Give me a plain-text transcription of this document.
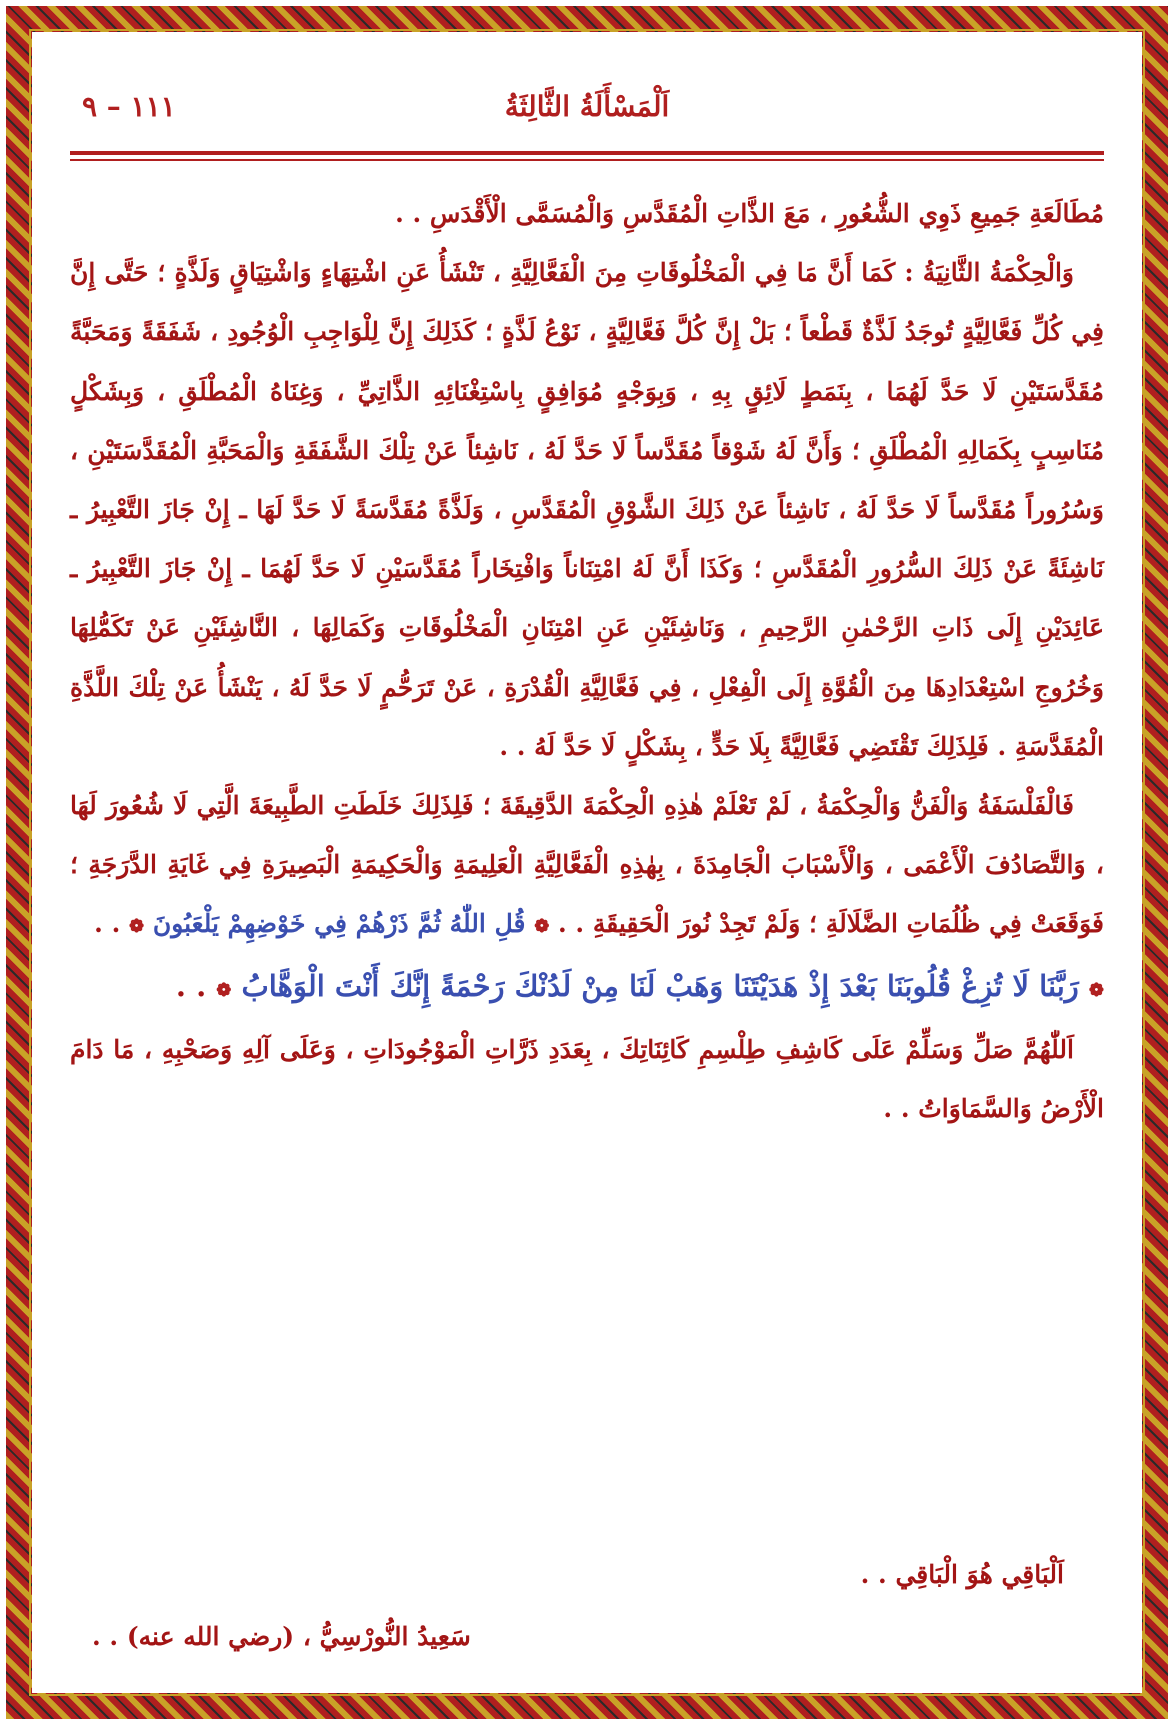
اَلْمَسْأَلَةُ الثَّالِثَةُ
١١١ – ٩

مُطَالَعَةِ جَمِيعِ ذَوِي الشُّعُورِ ، مَعَ الذَّاتِ الْمُقَدَّسِ وَالْمُسَمَّى الْأَقْدَسِ . .

وَالْحِكْمَةُ الثَّانِيَةُ : كَمَا أَنَّ مَا فِي الْمَخْلُوقَاتِ مِنَ الْفَعَّالِيَّةِ ، تَنْشَأُ عَنِ اشْتِهَاءٍ وَاشْتِيَاقٍ وَلَذَّةٍ ؛ حَتَّى إِنَّ فِي كُلِّ فَعَّالِيَّةٍ تُوجَدُ لَذَّةٌ قَطْعاً ؛ بَلْ إِنَّ كُلَّ فَعَّالِيَّةٍ ، نَوْعُ لَذَّةٍ ؛ كَذَلِكَ إِنَّ لِلْوَاجِبِ الْوُجُودِ ، شَفَقَةً وَمَحَبَّةً مُقَدَّسَتَيْنِ لَا حَدَّ لَهُمَا ، بِنَمَطٍ لَائِقٍ بِهِ ، وَبِوَجْهٍ مُوَافِقٍ بِاسْتِغْنَائِهِ الذَّاتِيِّ ، وَغِنَاهُ الْمُطْلَقِ ، وَبِشَكْلٍ مُنَاسِبٍ بِكَمَالِهِ الْمُطْلَقِ ؛ وَأَنَّ لَهُ شَوْقاً مُقَدَّساً لَا حَدَّ لَهُ ، نَاشِئاً عَنْ تِلْكَ الشَّفَقَةِ وَالْمَحَبَّةِ الْمُقَدَّسَتَيْنِ ، وَسُرُوراً مُقَدَّساً لَا حَدَّ لَهُ ، نَاشِئاً عَنْ ذَلِكَ الشَّوْقِ الْمُقَدَّسِ ، وَلَذَّةً مُقَدَّسَةً لَا حَدَّ لَهَا ـ إِنْ جَازَ التَّعْبِيرُ ـ نَاشِئَةً عَنْ ذَلِكَ السُّرُورِ الْمُقَدَّسِ ؛ وَكَذَا أَنَّ لَهُ امْتِنَاناً وَافْتِخَاراً مُقَدَّسَيْنِ لَا حَدَّ لَهُمَا ـ إِنْ جَازَ التَّعْبِيرُ ـ عَائِدَيْنِ إِلَى ذَاتِ الرَّحْمٰنِ الرَّحِيمِ ، وَنَاشِئَيْنِ عَنِ امْتِنَانِ الْمَخْلُوقَاتِ وَكَمَالِهَا ، النَّاشِئَيْنِ عَنْ تَكَمُّلِهَا وَخُرُوجِ اسْتِعْدَادِهَا مِنَ الْقُوَّةِ إِلَى الْفِعْلِ ، فِي فَعَّالِيَّةِ الْقُدْرَةِ ، عَنْ تَرَحُّمٍ لَا حَدَّ لَهُ ، يَنْشَأُ عَنْ تِلْكَ اللَّذَّةِ الْمُقَدَّسَةِ . فَلِذَلِكَ تَقْتَضِي فَعَّالِيَّةً بِلَا حَدٍّ ، بِشَكْلٍ لَا حَدَّ لَهُ . .

فَالْفَلْسَفَةُ وَالْفَنُّ وَالْحِكْمَةُ ، لَمْ تَعْلَمْ هٰذِهِ الْحِكْمَةَ الدَّقِيقَةَ ؛ فَلِذَلِكَ خَلَطَتِ الطَّبِيعَةَ الَّتِي لَا شُعُورَ لَهَا ، وَالتَّصَادُفَ الْأَعْمَى ، وَالْأَسْبَابَ الْجَامِدَةَ ، بِهٰذِهِ الْفَعَّالِيَّةِ الْعَلِيمَةِ وَالْحَكِيمَةِ الْبَصِيرَةِ فِي غَايَةِ الدَّرَجَةِ ؛ فَوَقَعَتْ فِي ظُلُمَاتِ الضَّلَالَةِ ؛ وَلَمْ تَجِدْ نُورَ الْحَقِيقَةِ . . ❁ قُلِ اللّٰهُ ثُمَّ ذَرْهُمْ فِي خَوْضِهِمْ يَلْعَبُونَ ❁ . .

❁ رَبَّنَا لَا تُزِغْ قُلُوبَنَا بَعْدَ إِذْ هَدَيْتَنَا وَهَبْ لَنَا مِنْ لَدُنْكَ رَحْمَةً إِنَّكَ أَنْتَ الْوَهَّابُ ❁ . .

اَللّٰهُمَّ صَلِّ وَسَلِّمْ عَلَى كَاشِفِ طِلْسِمِ كَائِنَاتِكَ ، بِعَدَدِ ذَرَّاتِ الْمَوْجُودَاتِ ، وَعَلَى آلِهِ وَصَحْبِهِ ، مَا دَامَ الْأَرْضُ وَالسَّمَاوَاتُ . .

اَلْبَاقِي هُوَ الْبَاقِي . .
سَعِيدُ النُّورْسِيُّ ، (رضي الله عنه) . .
